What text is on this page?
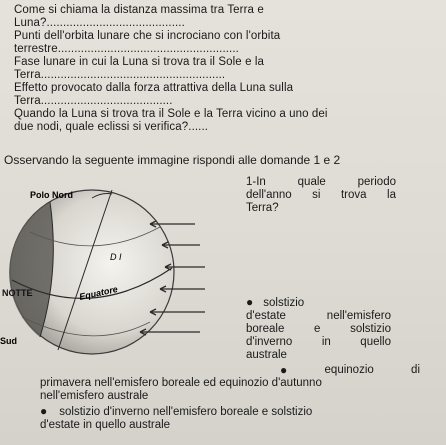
Come si chiama la distanza massima tra Terra e
Luna?..........................................
Punti dell'orbita lunare che si incrociano con l'orbita
terrestre.......................................................
Fase lunare in cui la Luna si trova tra il Sole e la
Terra........................................................
Effetto provocato dalla forza attrattiva della Luna sulla
Terra........................................
Quando la Luna si trova tra il Sole e la Terra vicino a uno dei
due nodi, quale eclissi si verifica?......
Osservando la seguente immagine rispondi alle domande 1 e 2
Polo Nord
D I
NOTTE	Equatore
Sud
1-In	quale	periodo
dell'anno si trova la
Terra?
● solstizio
d'estate	nell'emisfero
boreale	e	solstizio
d'inverno	in	quello
australe
●	equinozio	di
primavera nell'emisfero boreale ed equinozio d'autunno
nell'emisfero australe
● solstizio d'inverno nell'emisfero boreale e solstizio
d'estate in quello australe
